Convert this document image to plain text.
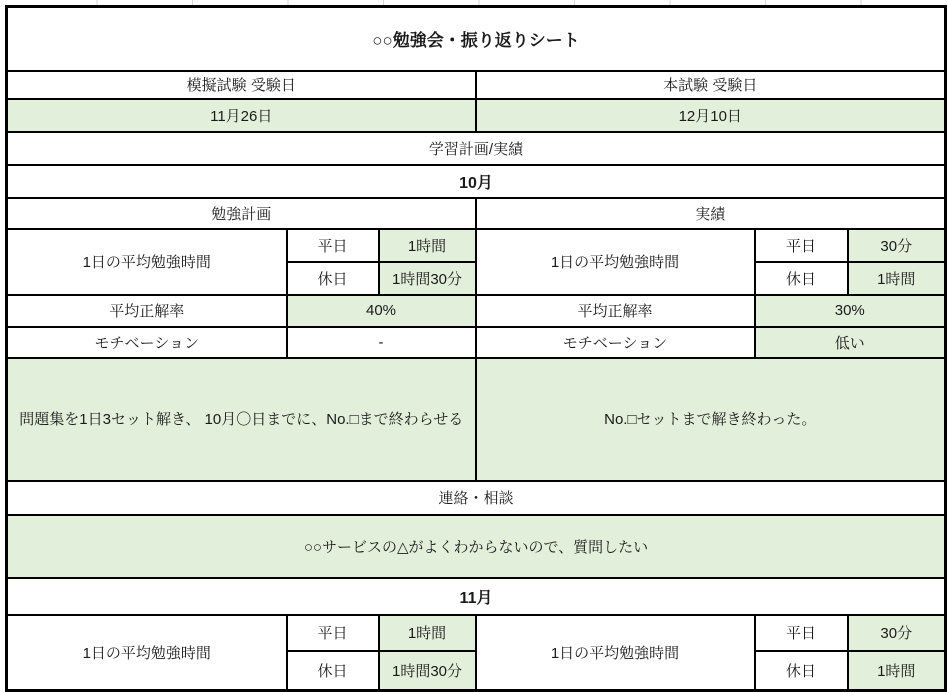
○○勉強会・振り返りシート					
模擬試験 受験日			本試験 受験日		
11月26日			12月10日		
学習計画/実績					
10月					
勉強計画			実績		
1日の平均勉強時間	平日	1時間	1日の平均勉強時間	平日	30分
	休日	1時間30分		休日	1時間
平均正解率	40%		平均正解率	30%	
モチベーション	-		モチベーション	低い	
問題集を1日3セット解き、 10月〇日までに、No.□まで終わらせる			No.□セットまで解き終わった。		
連絡・相談					
○○サービスの△がよくわからないので、質問したい					
11月					
1日の平均勉強時間	平日	1時間	1日の平均勉強時間	平日	30分
	休日	1時間30分		休日	1時間
